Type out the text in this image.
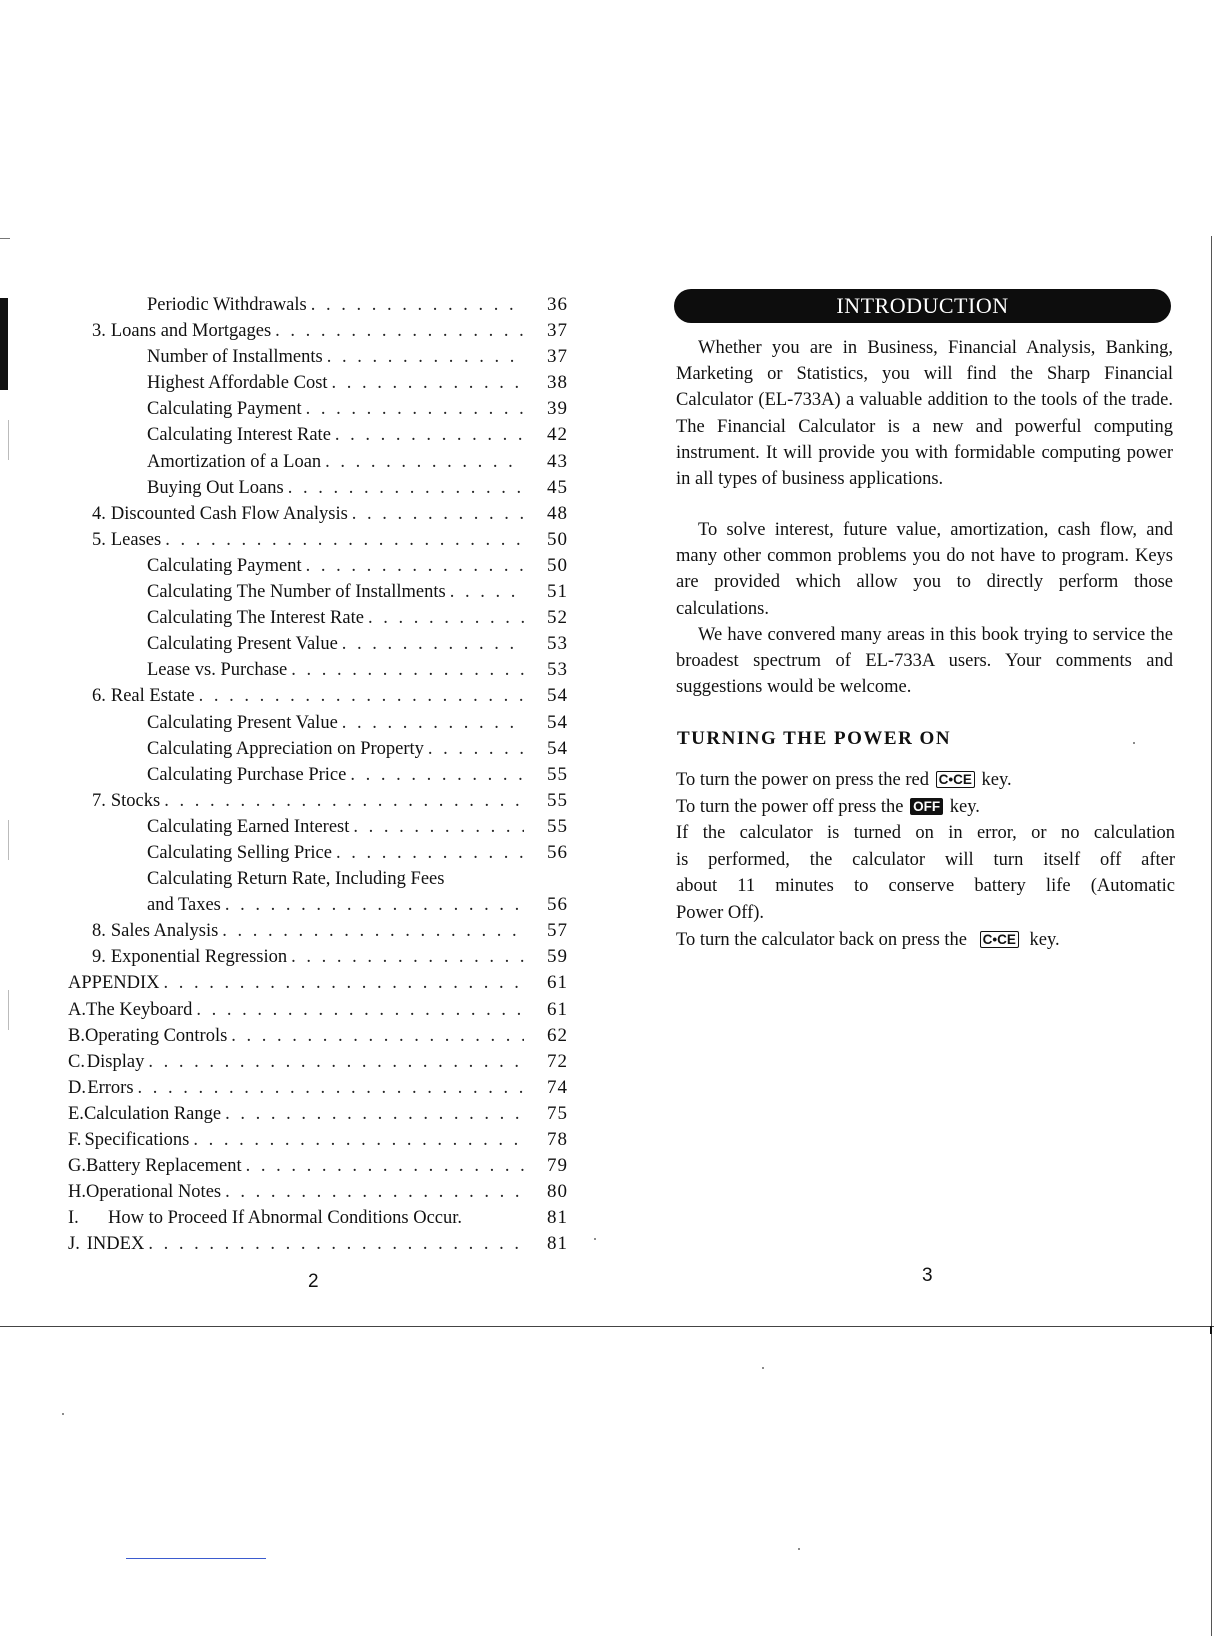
Periodic Withdrawals . . .	36
3. Loans and Mortgages . . .	37
Number of Installments . . .	37
Highest Affordable Cost . . .	38
Calculating Payment . . .	39
Calculating Interest Rate . . .	42
Amortization of a Loan . . .	43
Buying Out Loans . . .	45
4. Discounted Cash Flow Analysis . . .	48
5. Leases . . .	50
Calculating Payment . . .	50
Calculating The Number of Installments . . .	51
Calculating The Interest Rate . . .	52
Calculating Present Value . . .	53
Lease vs. Purchase . . .	53
6. Real Estate . . .	54
Calculating Present Value . . .	54
Calculating Appreciation on Property . . .	54
Calculating Purchase Price . . .	55
7. Stocks . . .	55
Calculating Earned Interest . . .	55
Calculating Selling Price . . .	56
Calculating Return Rate, Including Fees
and Taxes . . .	56
8. Sales Analysis . . .	57
9. Exponential Regression . . .	59
APPENDIX . . .	61
A. The Keyboard . . .	61
B. Operating Controls . . .	62
C. Display . . .	72
D. Errors . . .	74
E. Calculation Range . . .	75
F. Specifications . . .	78
G. Battery Replacement . . .	79
H. Operational Notes . . .	80
I.	How to Proceed If Abnormal Conditions Occur.	81
J. INDEX . . .	81
2
INTRODUCTION

Whether you are in Business, Financial Analysis, Banking, Marketing or Statistics, you will find the Sharp Financial Calculator (EL-733A) a valuable addition to the tools of the trade. The Financial Calculator is a new and powerful computing instrument. It will provide you with formidable computing power in all types of business applications.

To solve interest, future value, amortization, cash flow, and many other common problems you do not have to program. Keys are provided which allow you to directly perform those calculations.

We have convered many areas in this book trying to service the broadest spectrum of EL-733A users. Your comments and suggestions would be welcome.

TURNING THE POWER ON
To turn the power on press the red C•CE key.
To turn the power off press the OFF key.
If the calculator is turned on in error, or no calculation
is performed, the calculator will turn itself off after
about 11 minutes to conserve battery life (Automatic
Power Off).
To turn the calculator back on press the C•CE key.
3
